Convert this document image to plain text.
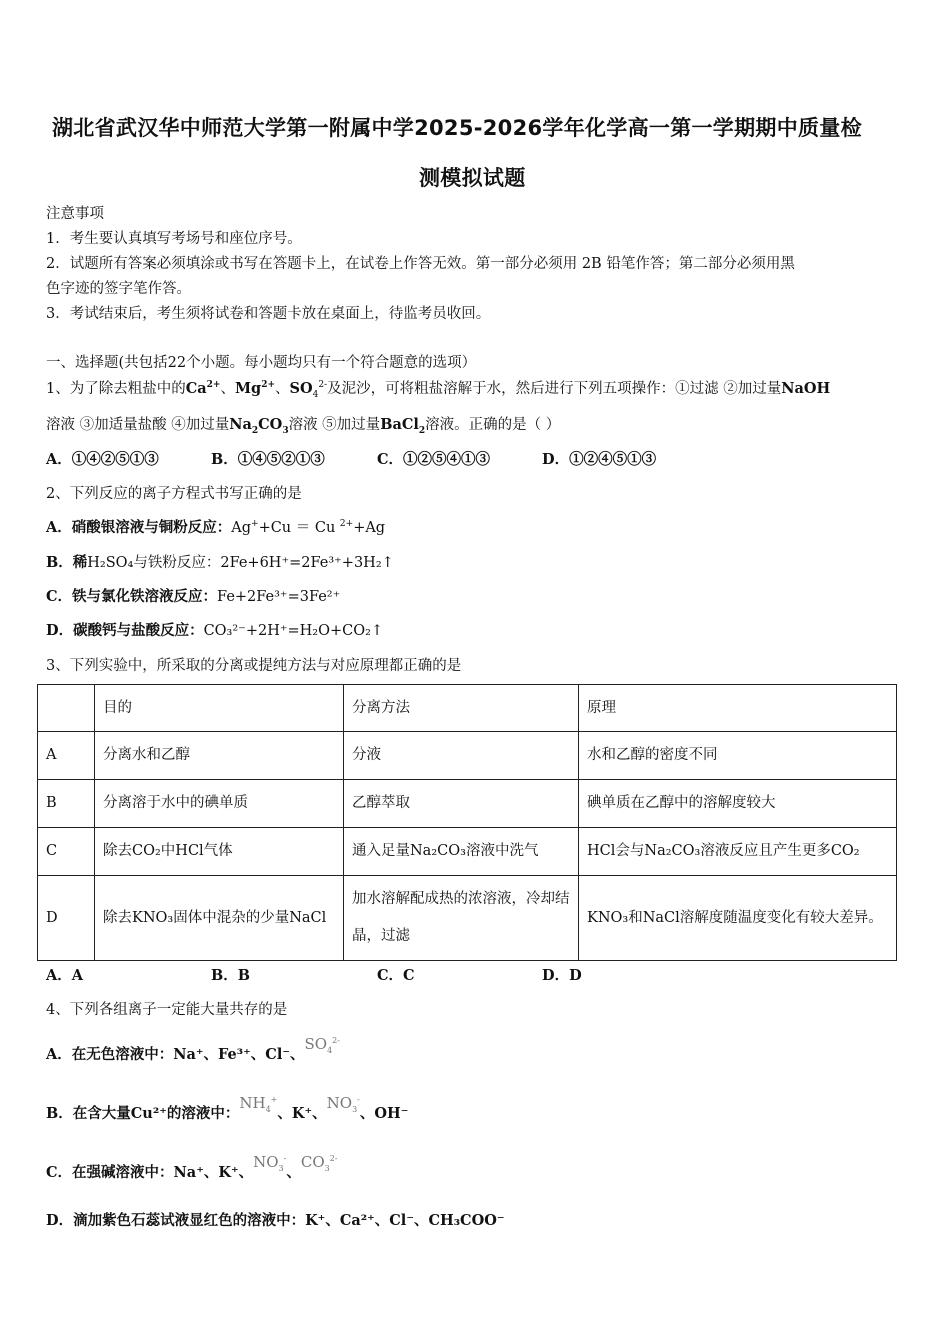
湖北省武汉华中师范大学第一附属中学2025-2026学年化学高一第一学期期中质量检
测模拟试题
注意事项
1．考生要认真填写考场号和座位序号。
2．试题所有答案必须填涂或书写在答题卡上，在试卷上作答无效。第一部分必须用 2B 铅笔作答；第二部分必须用黑
色字迹的签字笔作答。
3．考试结束后，考生须将试卷和答题卡放在桌面上，待监考员收回。
一、选择题(共包括22个小题。每小题均只有一个符合题意的选项）
1、为了除去粗盐中的$Ca^{2+}$、$Mg^{2+}$、$SO_4^{2-}$及泥沙，可将粗盐溶解于水，然后进行下列五项操作：①过滤 ②加过量NaOH
溶液 ③加适量盐酸 ④加过量$Na_2CO_3$溶液 ⑤加过量BaCl$_2$溶液。正确的是（ ）
A．①④②⑤①③	B．①④⑤②①③	C．①②⑤④①③	D．①②④⑤①③
2、下列反应的离子方程式书写正确的是
A．硝酸银溶液与铜粉反应：Ag++Cu ＝ Cu $^{2+}$+Ag
B．稀H₂SO₄与铁粉反应：2Fe+6H⁺=2Fe³⁺+3H₂↑
C．铁与氯化铁溶液反应：Fe+2Fe³⁺=3Fe²⁺
D．碳酸钙与盐酸反应：CO₃²⁻+2H⁺=H₂O+CO₂↑
3、下列实验中，所采取的分离或提纯方法与对应原理都正确的是
	目的	分离方法	原理
A	分离水和乙醇	分液	水和乙醇的密度不同
B	分离溶于水中的碘单质	乙醇萃取	碘单质在乙醇中的溶解度较大
C	除去CO₂中HCl气体	通入足量Na₂CO₃溶液中洗气	HCl会与Na₂CO₃溶液反应且产生更多CO₂
D	除去KNO₃固体中混杂的少量NaCl	加水溶解配成热的浓溶液，冷却结晶，过滤	KNO₃和NaCl溶解度随温度变化有较大差异。
A．A	B．B	C．C	D．D
4、下列各组离子一定能大量共存的是
A．在无色溶液中：Na⁺、Fe³⁺、Cl⁻、$SO_4^{2-}$
B．在含大量Cu²⁺的溶液中：$NH_4^+$、K⁺、$NO_3^-$、OH⁻
C．在强碱溶液中：Na⁺、K⁺、$NO_3^-$、$CO_3^{2-}$
D．滴加紫色石蕊试液显红色的溶液中：K⁺、Ca²⁺、Cl⁻、CH₃COO⁻
